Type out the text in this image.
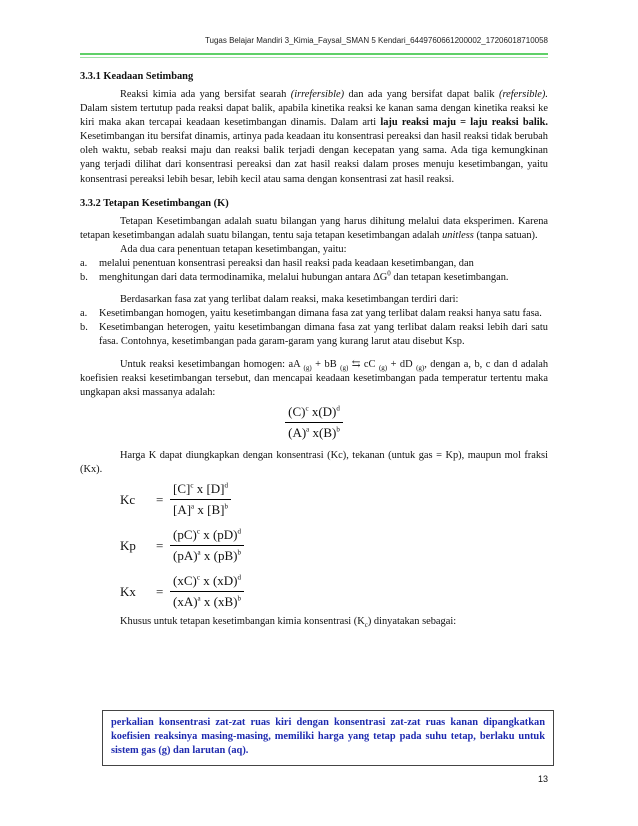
Tugas Belajar Mandiri 3_Kimia_Faysal_SMAN 5 Kendari_6449760661200002_17206018710058
3.3.1 Keadaan Setimbang

Reaksi kimia ada yang bersifat searah (irrefersible) dan ada yang bersifat dapat balik (refersible). Dalam sistem tertutup pada reaksi dapat balik, apabila kinetika reaksi ke kanan sama dengan kinetika reaksi ke kiri maka akan tercapai keadaan kesetimbangan dinamis. Dalam arti laju reaksi maju = laju reaksi balik. Kesetimbangan itu bersifat dinamis, artinya pada keadaan itu konsentrasi pereaksi dan hasil reaksi tidak berubah oleh waktu, sebab reaksi maju dan reaksi balik terjadi dengan kecepatan yang sama. Ada tiga kemungkinan yang terjadi dilihat dari konsentrasi pereaksi dan zat hasil reaksi dalam proses menuju kesetimbangan, yaitu konsentrasi pereaksi lebih besar, lebih kecil atau sama dengan konsentrasi zat hasil reaksi.

3.3.2 Tetapan Kesetimbangan (K)

Tetapan Kesetimbangan adalah suatu bilangan yang harus dihitung melalui data eksperimen. Karena tetapan kesetimbangan adalah suatu bilangan, tentu saja tetapan kesetimbangan adalah unitless (tanpa satuan).

Ada dua cara penentuan tetapan kesetimbangan, yaitu:

a.	melalui penentuan konsentrasi pereaksi dan hasil reaksi pada keadaan kesetimbangan, dan
b.	menghitungan dari data termodinamika, melalui hubungan antara $\Delta G^0$ dan tetapan kesetimbangan.

Berdasarkan fasa zat yang terlibat dalam reaksi, maka kesetimbangan terdiri dari:

a.	Kesetimbangan homogen, yaitu kesetimbangan dimana fasa zat yang terlibat dalam reaksi hanya satu fasa.
b.	Kesetimbangan heterogen, yaitu kesetimbangan dimana fasa zat yang terlibat dalam reaksi lebih dari satu fasa. Contohnya, kesetimbangan pada garam-garam yang kurang larut atau disebut Ksp.

Untuk reaksi kesetimbangan homogen: aA $_{(g)}$ + bB $_{(g)}$ ⇆ cC $_{(g)}$ + dD $_{(g)}$, dengan a, b, c dan d adalah koefisien reaksi kesetimbangan tersebut, dan mencapai keadaan kesetimbangan pada temperatur tertentu maka ungkapan aksi massanya adalah:

$\frac{(C)^c x(D)^d}{(A)^a x(B)^b}$

Harga K dapat diungkapkan dengan konsentrasi (Kc), tekanan (untuk gas = Kp), maupun mol fraksi (Kx).

Kc	= $\frac{[C]^c x [D]^d}{[A]^a x [B]^b}$
Kp	= $\frac{(pC)^c x (pD)^d}{(pA)^a x (pB)^b}$
Kx	= $\frac{(xC)^c x (xD)^d}{(xA)^a x (xB)^b}$

Khusus untuk tetapan kesetimbangan kimia konsentrasi $(K_c)$ dinyatakan sebagai:

perkalian konsentrasi zat-zat ruas kiri dengan konsentrasi zat-zat ruas kanan dipangkatkan koefisien reaksinya masing-masing, memiliki harga yang tetap pada suhu tetap, berlaku untuk sistem gas (g) dan larutan (aq).
13
